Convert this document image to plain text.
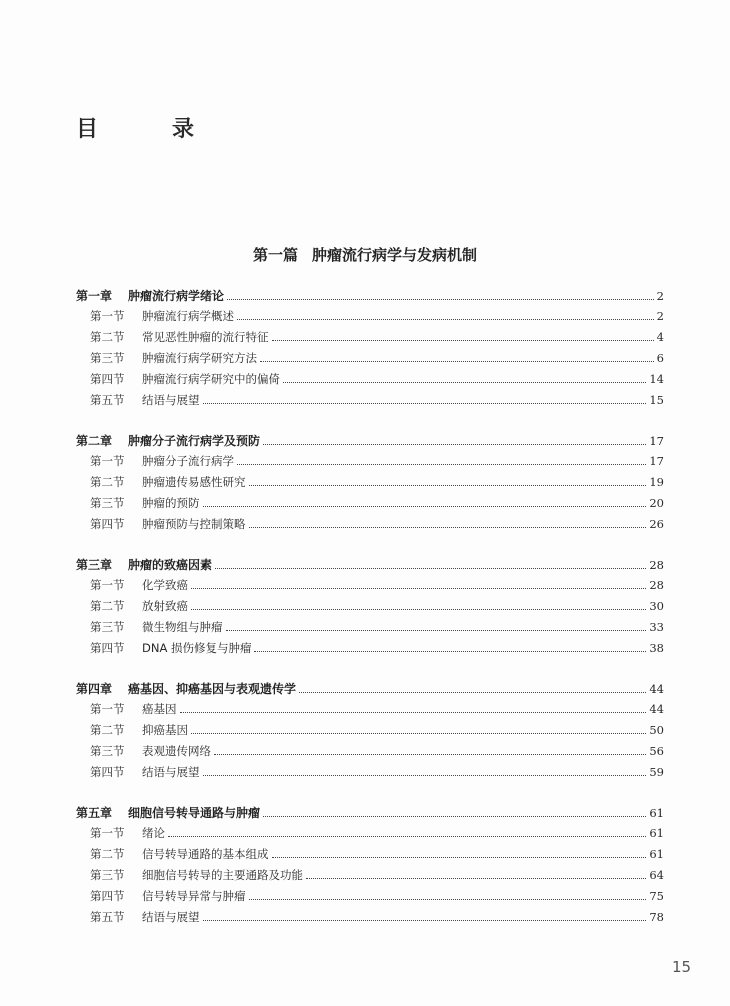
目　录
第一篇 肿瘤流行病学与发病机制
第一章	肿瘤流行病学绪论	2
第一节	肿瘤流行病学概述	2
第二节	常见恶性肿瘤的流行特征	4
第三节	肿瘤流行病学研究方法	6
第四节	肿瘤流行病学研究中的偏倚	14
第五节	结语与展望	15
第二章	肿瘤分子流行病学及预防	17
第一节	肿瘤分子流行病学	17
第二节	肿瘤遗传易感性研究	19
第三节	肿瘤的预防	20
第四节	肿瘤预防与控制策略	26
第三章	肿瘤的致癌因素	28
第一节	化学致癌	28
第二节	放射致癌	30
第三节	微生物组与肿瘤	33
第四节	DNA 损伤修复与肿瘤	38
第四章	癌基因、抑癌基因与表观遗传学	44
第一节	癌基因	44
第二节	抑癌基因	50
第三节	表观遗传网络	56
第四节	结语与展望	59
第五章	细胞信号转导通路与肿瘤	61
第一节	绪论	61
第二节	信号转导通路的基本组成	61
第三节	细胞信号转导的主要通路及功能	64
第四节	信号转导异常与肿瘤	75
第五节	结语与展望	78
15
